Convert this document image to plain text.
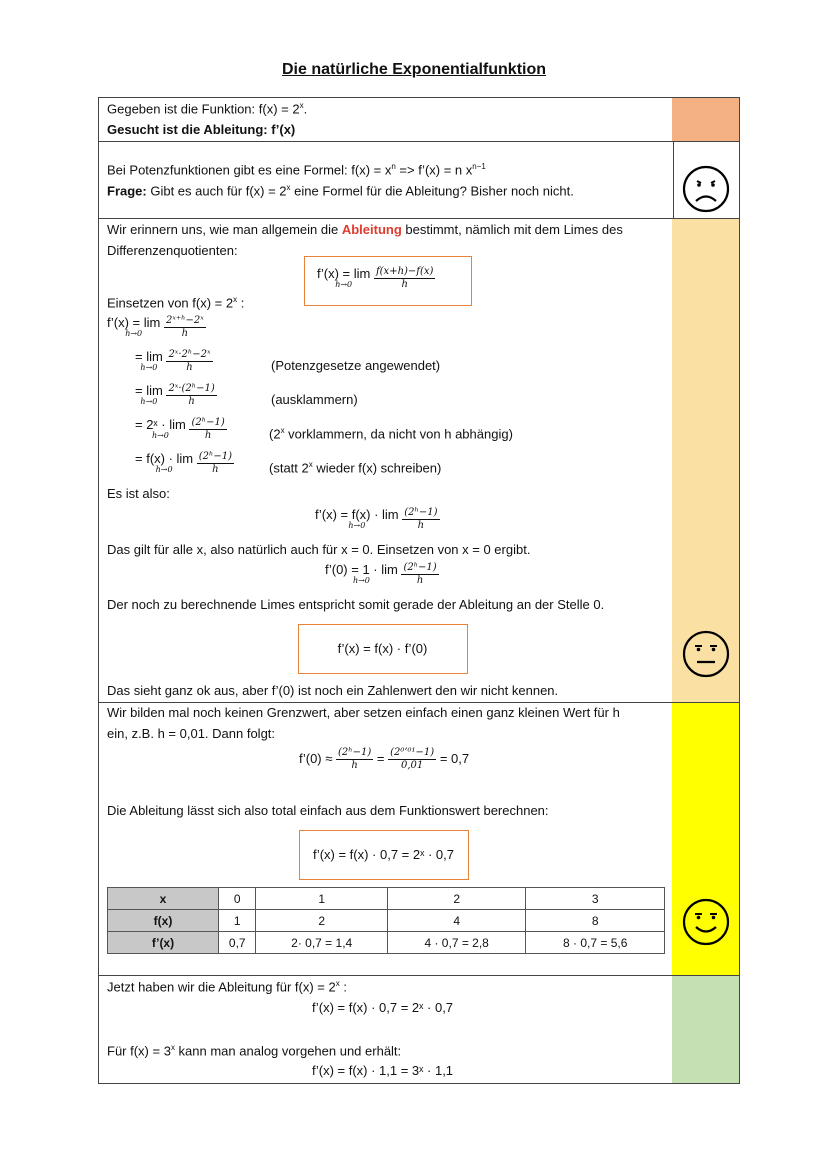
Die natürliche Exponentialfunktion
Gegeben ist die Funktion: $f(x) = 2^x$.
Gesucht ist die Ableitung: f’(x)
Bei Potenzfunktionen gibt es eine Formel: $f(x) = x^n$ => f’(x) = n $x^{n-1}$
Frage: Gibt es auch für $f(x) = 2^x$ eine Formel für die Ableitung? Bisher noch nicht.
Wir erinnern uns, wie man allgemein die Ableitung bestimmt, nämlich mit dem Limes des
Differenzenquotienten:
f’(x) = lim
h→0
	$\frac{f(x+h)-f(x)}{h}$
Einsetzen von $f(x) = 2^x$ :
f’(x) = lim
h→0
	$\frac{\text{2ˣ⁺ʰ−2ˣ}}{h}$
= lim
h→0
$\frac{\text{2ˣ·2ʰ−2ˣ}}{h}$	(Potenzgesetze angewendet)
= lim
h→0
$\frac{\text{2ˣ·(2ʰ−1)}}{h}$	(ausklammern)
= 2ˣ · lim
h→0
	$\frac{\text{(2ʰ−1)}}{h}$	(2$^x$ vorklammern, da nicht von h abhängig)
= f(x) · lim
h→0
	$\frac{\text{(2ʰ−1)}}{h}$	(statt 2$^x$ wieder f(x) schreiben)
Es ist also:
f’(x) = f(x) · lim
h→0
	$\frac{\text{(2ʰ−1)}}{h}$
Das gilt für alle x, also natürlich auch für x = 0. Einsetzen von x = 0 ergibt.
f’(0) = 1 · lim
h→0
	$\frac{\text{(2ʰ−1)}}{h}$
Der noch zu berechnende Limes entspricht somit gerade der Ableitung an der Stelle 0.
f’(x) = f(x) · f’(0)
Das sieht ganz ok aus, aber f’(0) ist noch ein Zahlenwert den wir nicht kennen.
Wir bilden mal noch keinen Grenzwert, aber setzen einfach einen ganz kleinen Wert für h
ein, z.B. h = 0,01. Dann folgt:
f’(0) ≈ $\frac{\text{(2ʰ−1)}}{h} = \frac{\text{(2⁰’⁰¹−1)}}{0,01} = 0,7$
Die Ableitung lässt sich also total einfach aus dem Funktionswert berechnen:
f’(x) = f(x) · 0,7 = 2ˣ · 0,7
x	0	1	2	3
f(x)	1	2	4	8
f’(x)	0,7	2· 0,7 = 1,4	4 · 0,7 = 2,8	8 · 0,7 = 5,6
Jetzt haben wir die Ableitung für $f(x) = 2^x$ :
f’(x) = f(x) · 0,7 = 2ˣ · 0,7
Für $f(x) = 3^x$ kann man analog vorgehen und erhält:
f’(x) = f(x) · 1,1 = 3ˣ · 1,1
